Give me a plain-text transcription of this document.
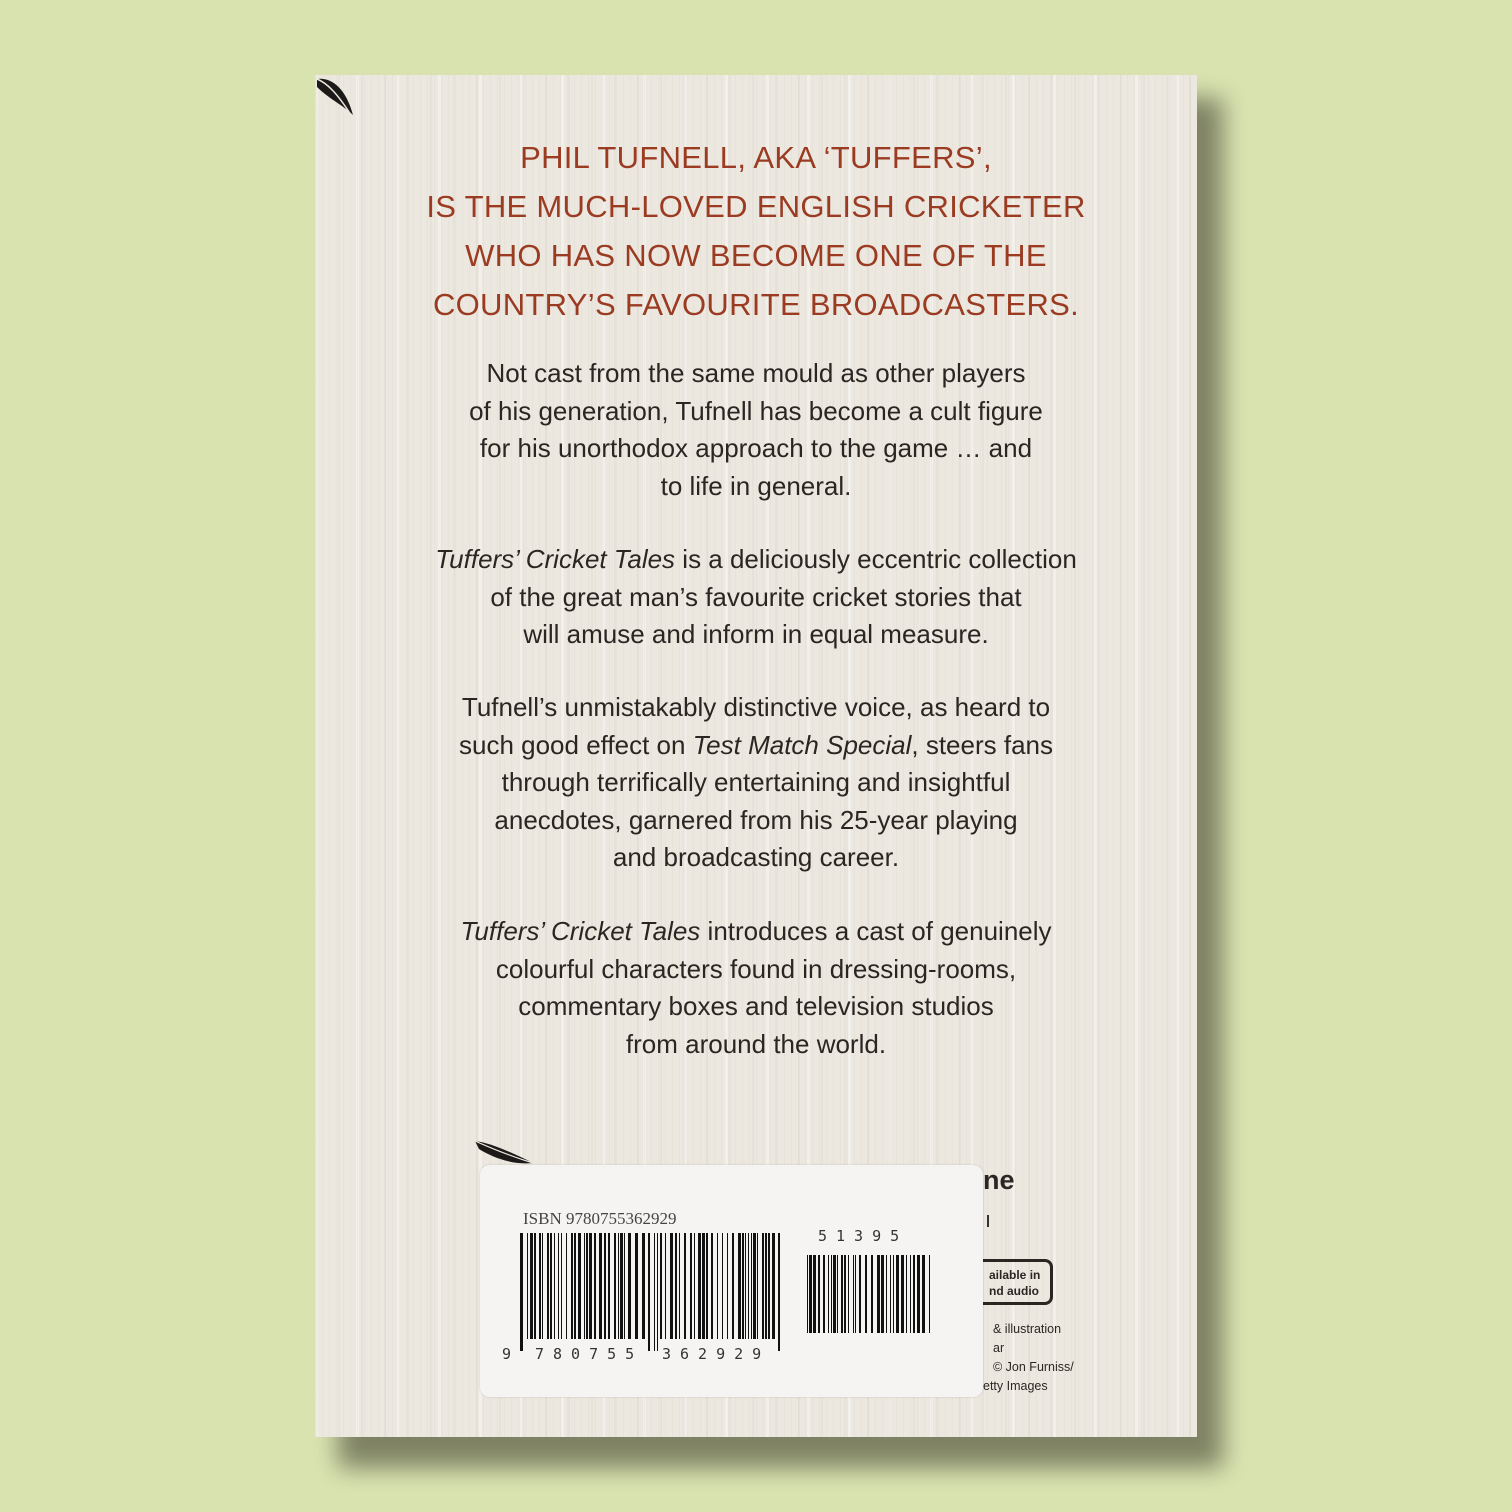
PHIL TUFNELL, AKA ‘TUFFERS’,
IS THE MUCH-LOVED ENGLISH CRICKETER
WHO HAS NOW BECOME ONE OF THE
COUNTRY’S FAVOURITE BROADCASTERS.
Not cast from the same mould as other players
of his generation, Tufnell has become a cult figure
for his unorthodox approach to the game … and
to life in general.
Tuffers’ Cricket Tales is a deliciously eccentric collection
of the great man’s favourite cricket stories that
will amuse and inform in equal measure.
Tufnell’s unmistakably distinctive voice, as heard to
such good effect on Test Match Special, steers fans
through terrifically entertaining and insightful
anecdotes, garnered from his 25-year playing
and broadcasting career.
Tuffers’ Cricket Tales introduces a cast of genuinely
colourful characters found in dressing-rooms,
commentary boxes and television studios
from around the world.
ne
ailable in
nd audio
& illustration
ar
© Jon Furniss/
etty Images
ISBN 9780755362929
9 780755 362929
51395
